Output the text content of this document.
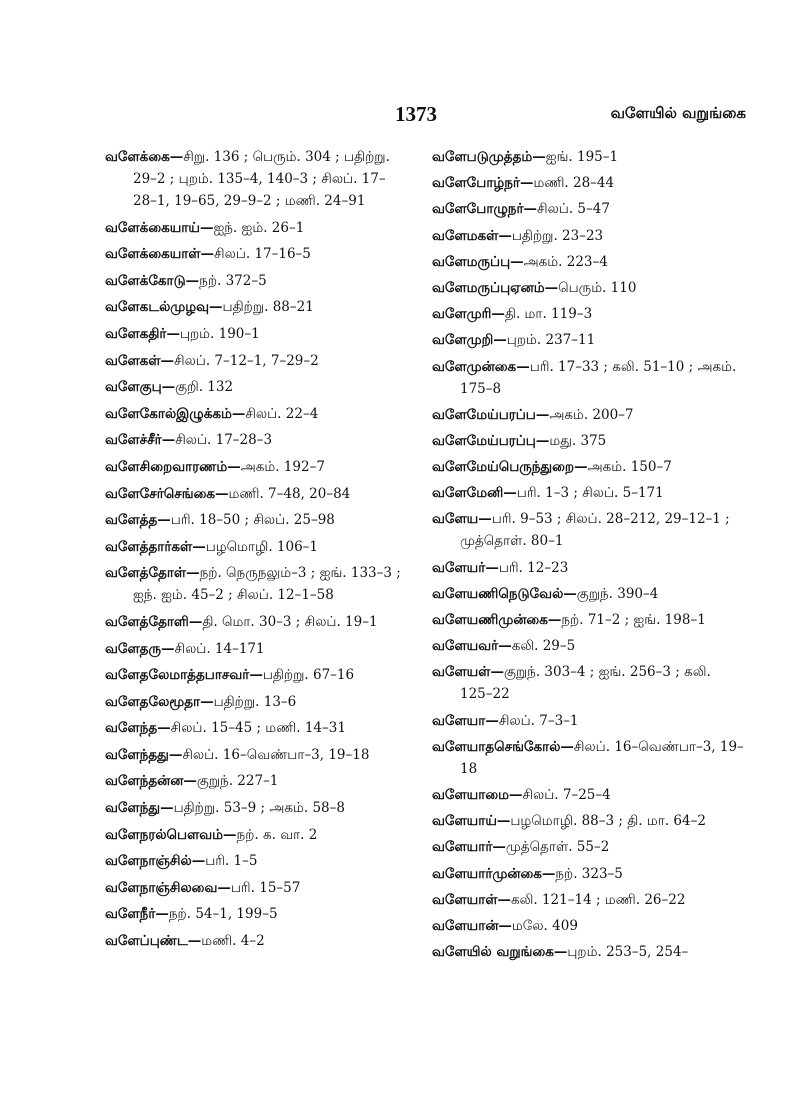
1373	வளேயில் வறுங்கை
வளேக்கை—சிறு. 136 ; பெரும். 304 ; பதிற்று. 29–2 ; புறம். 135–4, 140–3 ; சிலப். 17–28–1, 19–65, 29–9–2 ; மணி. 24–91
வளேக்கையாய்—ஐந். ஐம். 26–1
வளேக்கையாள்—சிலப். 17–16–5
வளேக்கோடு—நற். 372–5
வளேகடல்முழவு—பதிற்று. 88–21
வளேகதிர்—புறம். 190–1
வளேகள்—சிலப். 7–12–1, 7–29–2
வளேகுபு—குறி. 132
வளேகோல்இழுக்கம்—சிலப். 22–4
வளேச்சீர்—சிலப். 17–28–3
வளேசிறைவாரணம்—அகம். 192–7
வளேசேர்செங்கை—மணி. 7–48, 20–84
வளேத்த—பரி. 18–50 ; சிலப். 25–98
வளேத்தார்கள்—பழமொழி. 106–1
வளேத்தோள்—நற். நெருநலும்–3 ; ஐங். 133–3 ; ஐந். ஐம். 45–2 ; சிலப். 12–1–58
வளேத்தோளி—தி. மொ. 30–3 ; சிலப். 19–1
வளேதரு—சிலப். 14–171
வளேதலேமாத்தபாசவர்—பதிற்று. 67–16
வளேதலேமூதா—பதிற்று. 13–6
வளேந்த—சிலப். 15–45 ; மணி. 14–31
வளேந்தது—சிலப். 16–வெண்பா–3, 19–18
வளேந்தன்ன—குறுந். 227–1
வளேந்து—பதிற்று. 53–9 ; அகம். 58–8
வளேநரல்பௌவம்—நற். க. வா. 2
வளேநாஞ்சில்—பரி. 1–5
வளேநாஞ்சிலவை—பரி. 15–57
வளேநீர்—நற். 54–1, 199–5
வளேப்புண்ட—மணி. 4–2
வளேபடுமுத்தம்—ஐங். 195–1
வளேபோழ்நர்—மணி. 28–44
வளேபோழுநர்—சிலப். 5–47
வளேமகள்—பதிற்று. 23–23
வளேமருப்பு—அகம். 223–4
வளேமருப்புஏனம்—பெரும். 110
வளேமுரி—தி. மா. 119–3
வளேமுறி—புறம். 237–11
வளேமுன்கை—பரி. 17–33 ; கலி. 51–10 ; அகம். 175–8
வளேமேய்பரப்ப—அகம். 200–7
வளேமேய்பரப்பு—மது. 375
வளேமேய்பெருந்துறை—அகம். 150–7
வளேமேனி—பரி. 1–3 ; சிலப். 5–171
வளேய—பரி. 9–53 ; சிலப். 28–212, 29–12–1 ; முத்தொள். 80–1
வளேயர்—பரி. 12–23
வளேயணிநெடுவேல்—குறுந். 390–4
வளேயணிமுன்கை—நற். 71–2 ; ஐங். 198–1
வளேயவர்—கலி. 29–5
வளேயள்—குறுந். 303–4 ; ஐங். 256–3 ; கலி. 125–22
வளேயா—சிலப். 7–3–1
வளேயாதசெங்கோல்—சிலப். 16–வெண்பா–3, 19–18
வளேயாமை—சிலப். 7–25–4
வளேயாய்—பழமொழி. 88–3 ; தி. மா. 64–2
வளேயார்—முத்தொள். 55–2
வளேயார்முன்கை—நற். 323–5
வளேயாள்—கலி. 121–14 ; மணி. 26–22
வளேயான்—மலே. 409
வளேயில் வறுங்கை—புறம். 253–5, 254–
